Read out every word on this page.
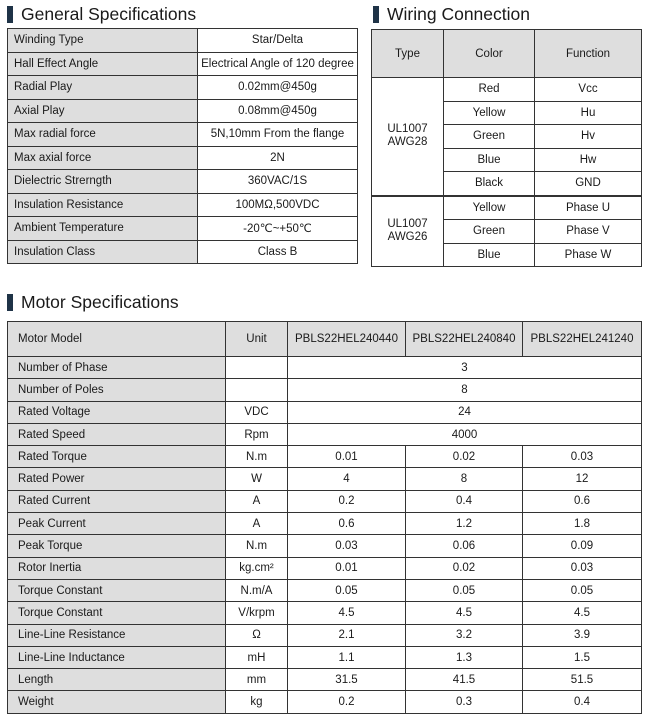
General Specifications
Winding Type	Star/Delta
Hall Effect Angle	Electrical Angle of 120 degree
Radial Play	0.02mm@450g
Axial Play	0.08mm@450g
Max radial force	5N,10mm From the flange
Max axial force	2N
Dielectric Strerngth	360VAC/1S
Insulation Resistance	100MΩ,500VDC
Ambient Temperature	-20℃~+50℃
Insulation Class	Class B
Wiring Connection
Type	Color	Function

UL1007
AWG28	Red	Vcc
	Yellow	Hu
	Green	Hv
	Blue	Hw
	Black	GND

UL1007
AWG26	Yellow	Phase U
	Green	Phase V
	Blue	Phase W
Motor Specifications
Motor Model	Unit	PBLS22HEL240440	PBLS22HEL240840	PBLS22HEL241240
Number of Phase		3		
Number of Poles		8		
Rated Voltage	VDC	24		
Rated Speed	Rpm	4000		
Rated Torque	N.m	0.01	0.02	0.03
Rated Power	W	4	8	12
Rated Current	A	0.2	0.4	0.6
Peak Current	A	0.6	1.2	1.8
Peak Torque	N.m	0.03	0.06	0.09
Rotor Inertia	kg.cm²	0.01	0.02	0.03
Torque Constant	N.m/A	0.05	0.05	0.05
Torque Constant	V/krpm	4.5	4.5	4.5
Line-Line Resistance	Ω	2.1	3.2	3.9
Line-Line Inductance	mH	1.1	1.3	1.5
Length	mm	31.5	41.5	51.5
Weight	kg	0.2	0.3	0.4
